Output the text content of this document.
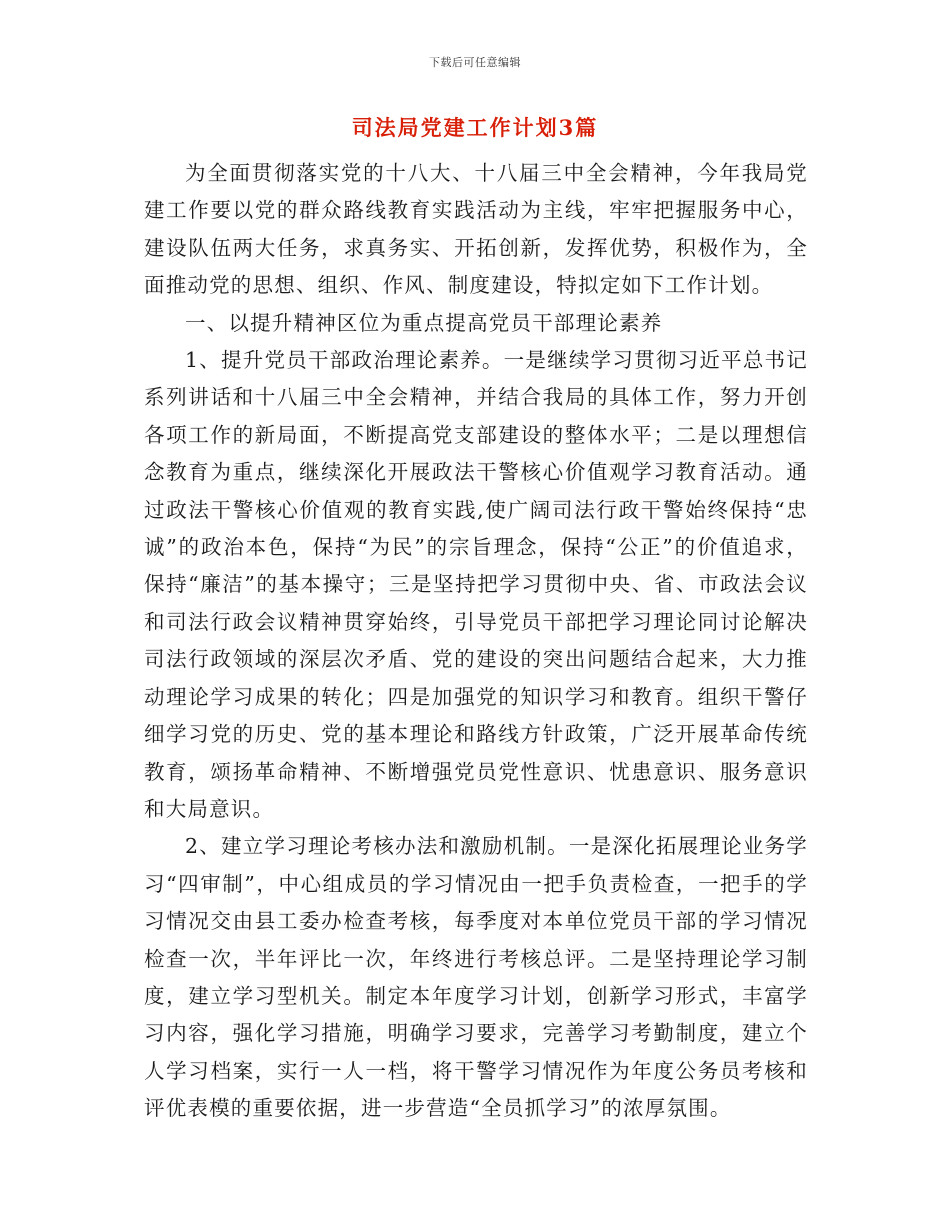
下载后可任意编辑
司法局党建工作计划3篇

为全面贯彻落实党的十八大、十八届三中全会精神，今年我局党建工作要以党的群众路线教育实践活动为主线，牢牢把握服务中心，建设队伍两大任务，求真务实、开拓创新，发挥优势，积极作为，全面推动党的思想、组织、作风、制度建设，特拟定如下工作计划。

一、以提升精神区位为重点提高党员干部理论素养

1、提升党员干部政治理论素养。一是继续学习贯彻习近平总书记系列讲话和十八届三中全会精神，并结合我局的具体工作，努力开创各项工作的新局面，不断提高党支部建设的整体水平；二是以理想信念教育为重点，继续深化开展政法干警核心价值观学习教育活动。通过政法干警核心价值观的教育实践,使广阔司法行政干警始终保持“忠诚”的政治本色，保持“为民”的宗旨理念，保持“公正”的价值追求，保持“廉洁”的基本操守；三是坚持把学习贯彻中央、省、市政法会议和司法行政会议精神贯穿始终，引导党员干部把学习理论同讨论解决司法行政领域的深层次矛盾、党的建设的突出问题结合起来，大力推动理论学习成果的转化；四是加强党的知识学习和教育。组织干警仔细学习党的历史、党的基本理论和路线方针政策，广泛开展革命传统教育，颂扬革命精神、不断增强党员党性意识、忧患意识、服务意识和大局意识。

2、建立学习理论考核办法和激励机制。一是深化拓展理论业务学习“四审制”，中心组成员的学习情况由一把手负责检查，一把手的学习情况交由县工委办检查考核，每季度对本单位党员干部的学习情况检查一次，半年评比一次，年终进行考核总评。二是坚持理论学习制度，建立学习型机关。制定本年度学习计划，创新学习形式，丰富学习内容，强化学习措施，明确学习要求，完善学习考勤制度，建立个人学习档案，实行一人一档，将干警学习情况作为年度公务员考核和评优表模的重要依据，进一步营造“全员抓学习”的浓厚氛围。
